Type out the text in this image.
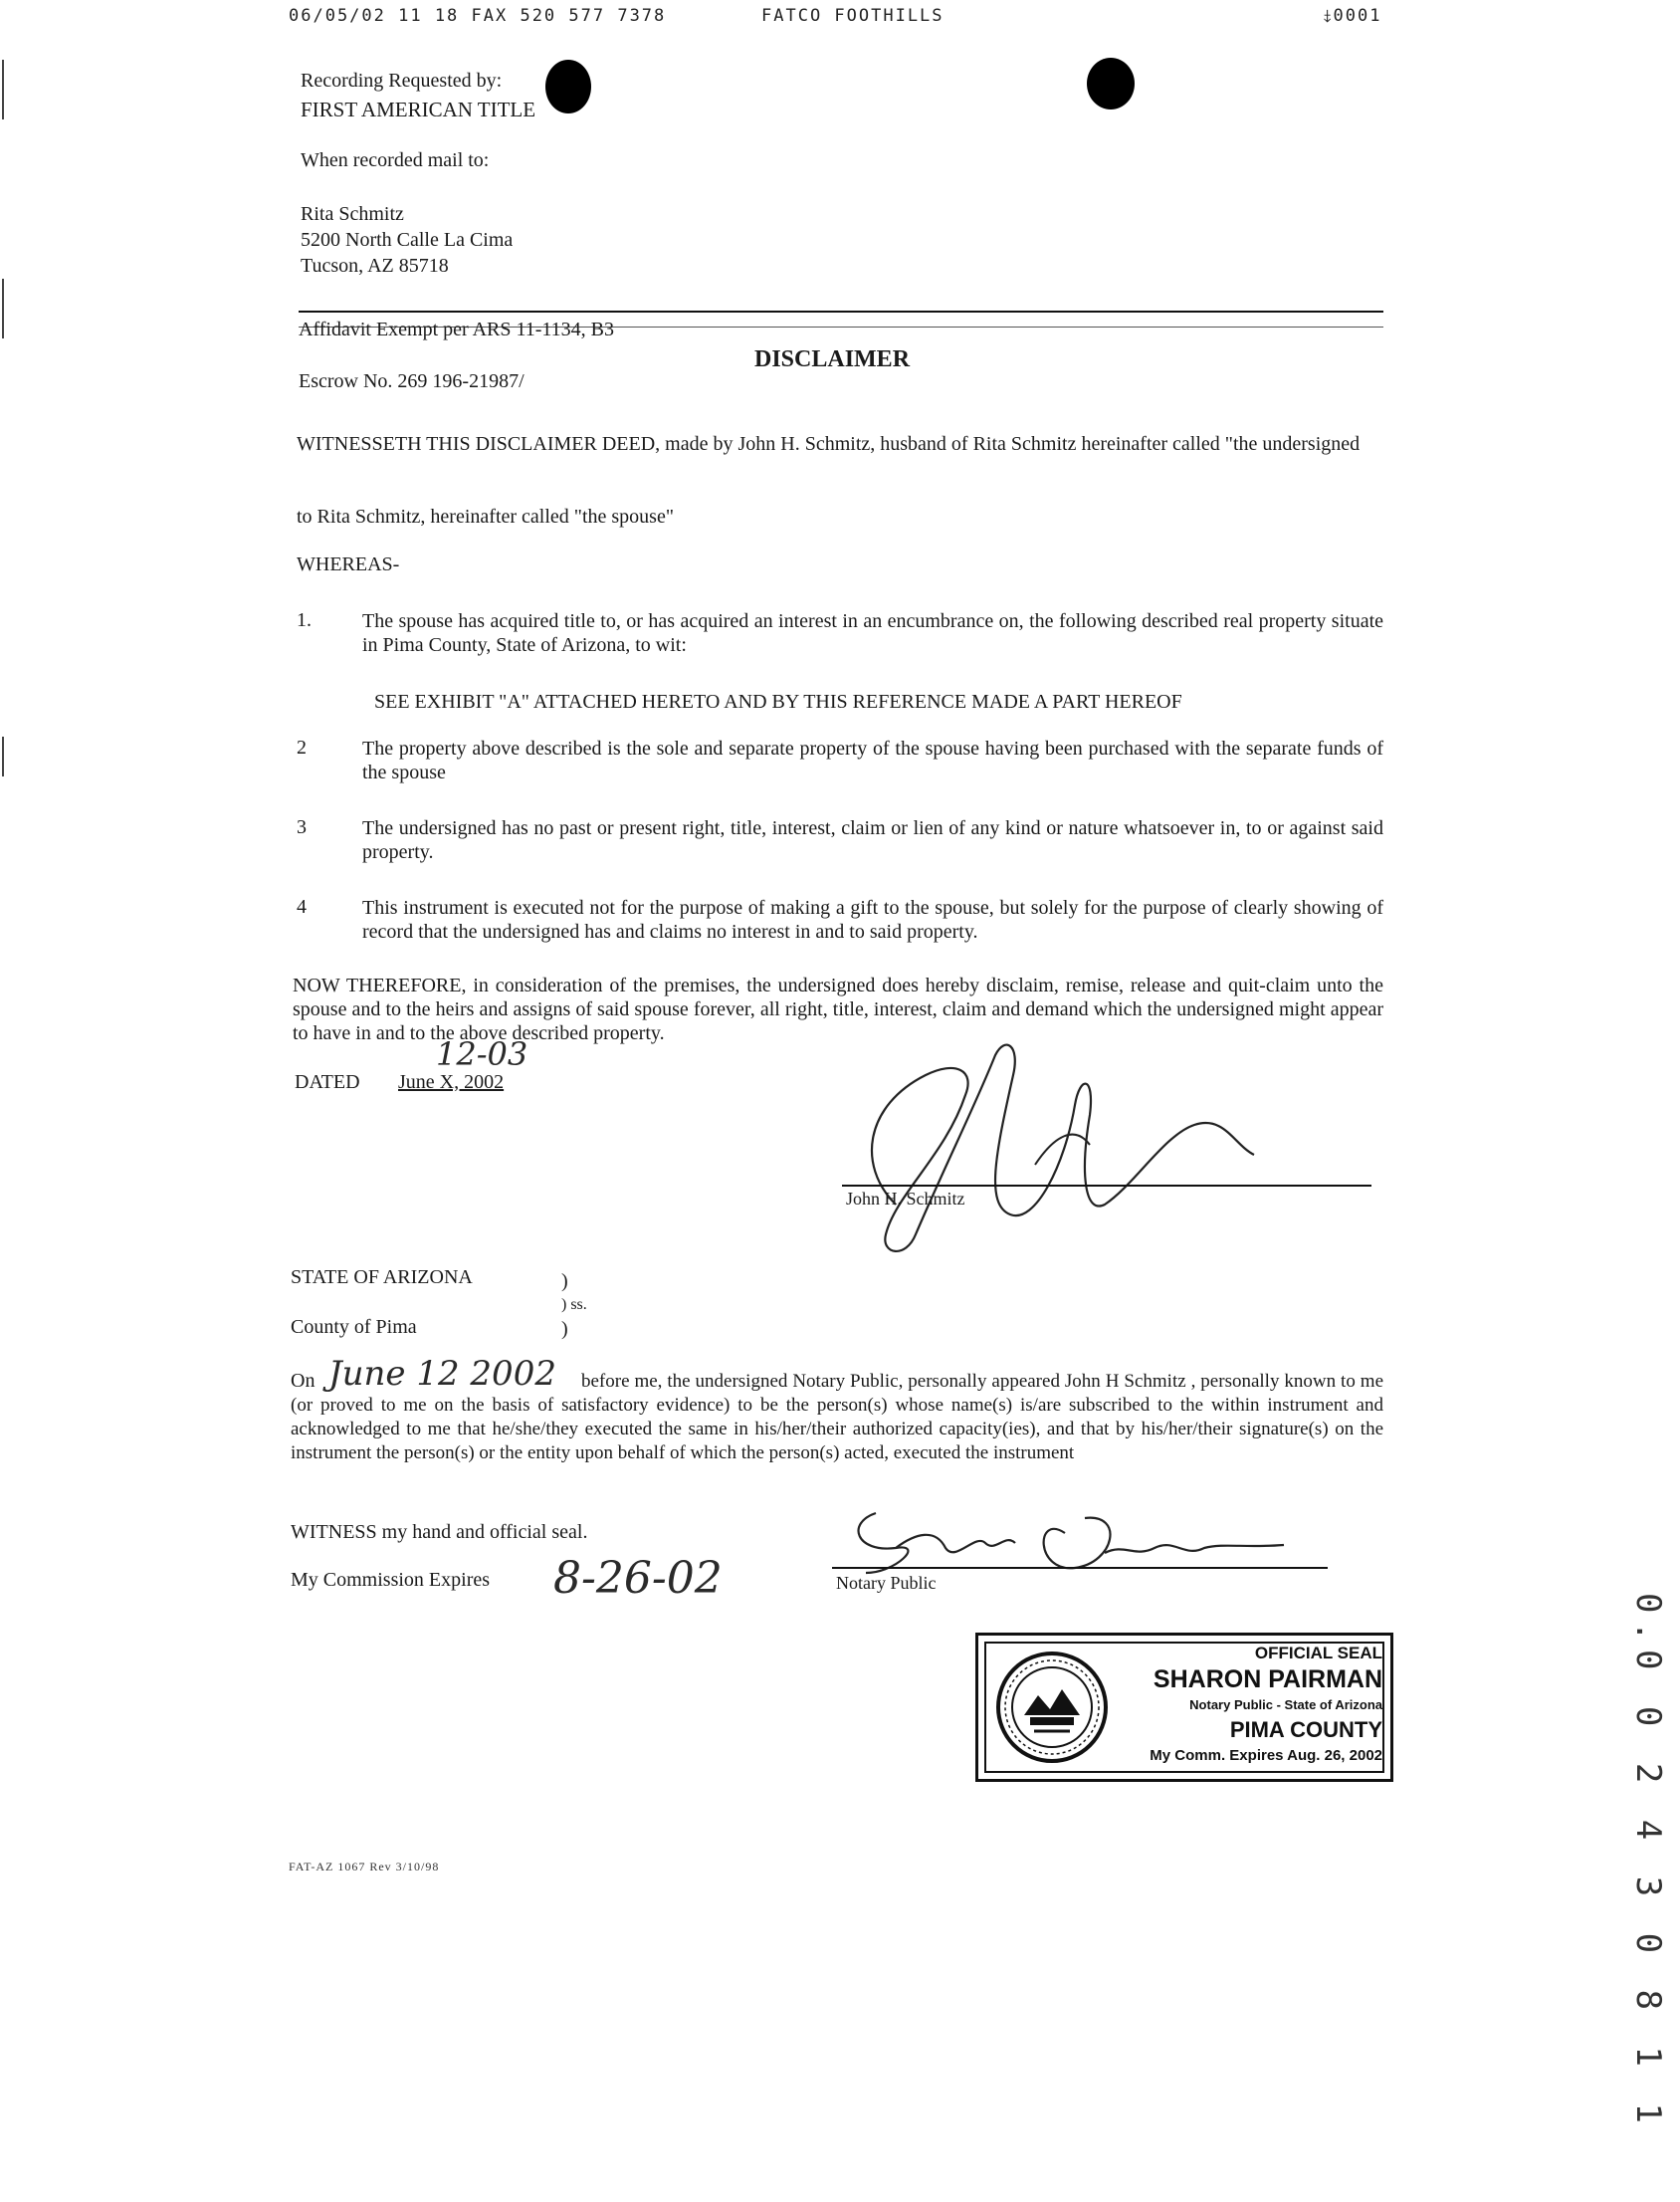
06/05/02 11 18 FAX 520 577 7378	FATCO FOOTHILLS	⤈0001
Recording Requested by:
FIRST AMERICAN TITLE
When recorded mail to:
Rita Schmitz
5200 North Calle La Cima
Tucson, AZ 85718
Affidavit Exempt per ARS 11-1134, B3
DISCLAIMER
Escrow No. 269 196-21987/
WITNESSETH THIS DISCLAIMER DEED, made by John H. Schmitz, husband of Rita Schmitz hereinafter called "the undersigned
to Rita Schmitz, hereinafter called "the spouse"
WHEREAS-
1.	The spouse has acquired title to, or has acquired an interest in an encumbrance on, the following described real property situate in Pima County, State of Arizona, to wit:
SEE EXHIBIT "A" ATTACHED HERETO AND BY THIS REFERENCE MADE A PART HEREOF
2	The property above described is the sole and separate property of the spouse having been purchased with the separate funds of the spouse
3	The undersigned has no past or present right, title, interest, claim or lien of any kind or nature whatsoever in, to or against said property.
4	This instrument is executed not for the purpose of making a gift to the spouse, but solely for the purpose of clearly showing of record that the undersigned has and claims no interest in and to said property.
NOW THEREFORE, in consideration of the premises, the undersigned does hereby disclaim, remise, release and quit-claim unto the spouse and to the heirs and assigns of said spouse forever, all right, title, interest, claim and demand which the undersigned might appear to have in and to the above described property.
DATED June X, 2002
12-03
John H. Schmitz
STATE OF ARIZONA	)
) ss.
County of Pima	)
On June 12 2002	before me, the undersigned Notary Public, personally appeared John H Schmitz , personally known to me (or proved to me on the basis of satisfactory evidence) to be the person(s) whose name(s) is/are subscribed to the within instrument and acknowledged to me that he/she/they executed the same in his/her/their authorized capacity(ies), and that by his/her/their signature(s) on the instrument the person(s) or the entity upon behalf of which the person(s) acted, executed the instrument
WITNESS my hand and official seal.
My Commission Expires 8-26-02	Notary Public
OFFICIAL SEAL
SHARON PAIRMAN
Notary Public - State of Arizona
PIMA COUNTY
My Comm. Expires Aug. 26, 2002
FAT-AZ 1067 Rev 3/10/98	0.0 0 2 4 3 0 8 1 1
